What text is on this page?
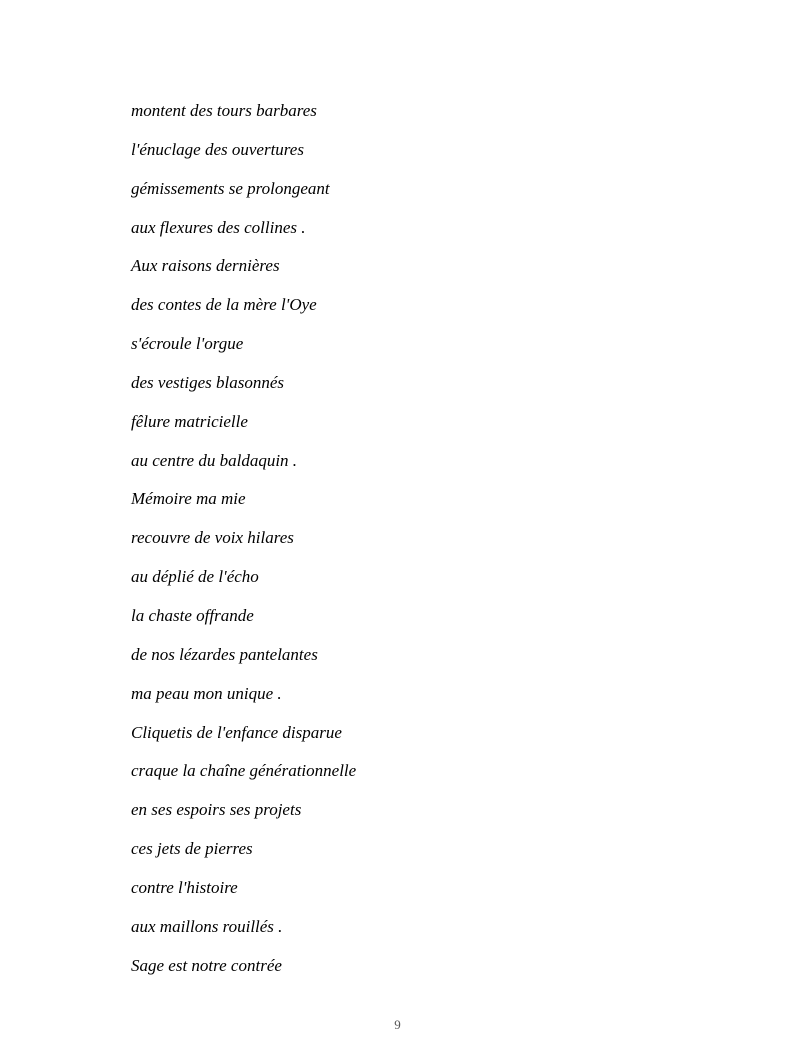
montent des tours barbares
l'énuclage des ouvertures
gémissements se prolongeant
aux flexures des collines .
Aux raisons dernières
des contes de la mère l'Oye
s'écroule l'orgue
des vestiges blasonnés
fêlure matricielle
au centre du baldaquin .
Mémoire ma mie
recouvre de voix hilares
au déplié de l'écho
la chaste offrande
de nos lézardes pantelantes
ma peau mon unique .
Cliquetis de l'enfance disparue
craque la chaîne générationnelle
en ses espoirs ses projets
ces jets de pierres
contre l'histoire
aux maillons rouillés .
Sage est notre contrée
9
